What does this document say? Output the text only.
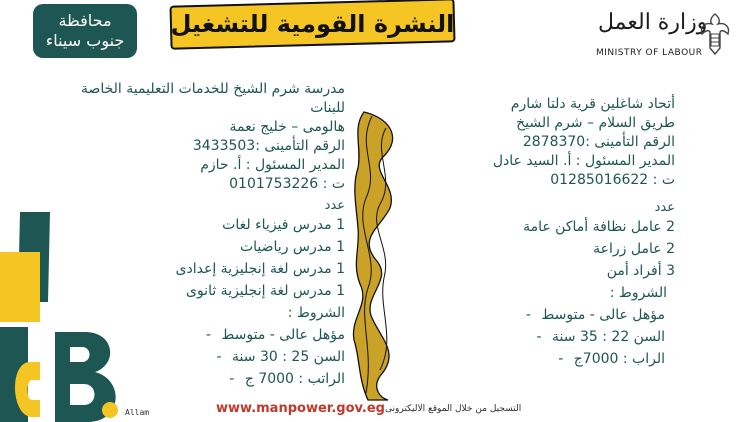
محافظة
جنوب سيناء
النشرة القومية للتشغيل	وزارة العمل
MINISTRY OF LABOUR
مدرسة شرم الشيخ للخدمات التعليمية الخاصة للبنات
هالومى – خليج نعمة
الرقم التأمينى :3433503
المدير المسئول : أ. حازم
ت : 0101753226
عدد
1 مدرس فيزياء لغات
1 مدرس رياضيات
1 مدرس لغة إنجليزية إعدادى
1 مدرس لغة إنجليزية ثانوى
الشروط :
مؤهل عالى - متوسط-
السن 25 : 30 سنة-
الراتب : 7000 ج-
أتحاد شاغلين قرية دلتا شارم
طريق السلام – شرم الشيخ
الرقم التأمينى :2878370
المدير المسئول : أ. السيد عادل
ت : 01285016622
عدد
2 عامل نظافة أماكن عامة
2 عامل زراعة
3 أفراد أمن
الشروط :
مؤهل عالى - متوسط-
السن 22 : 35 سنة-
الراب : 7000ج-
Allam	www.manpower.gov.eg التسجيل من خلال الموقع الاليكترونى
